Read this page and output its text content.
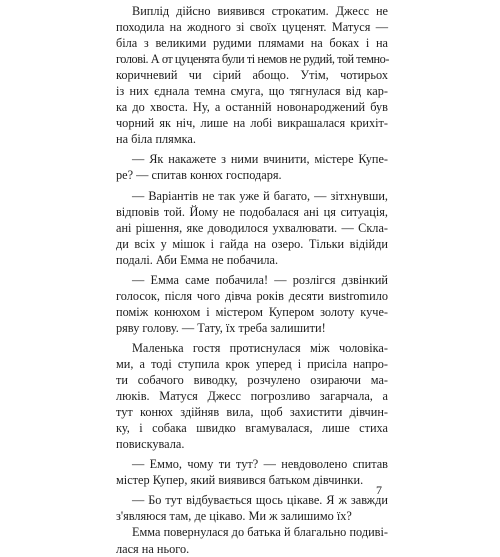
Виплід дійсно виявився строкатим. Джесс не
походила на жодного зі своїх цуценят. Матуся —
біла з великими рудими плямами на боках і на
голові. А от цуценята були ті немов не рудий, той темно-
коричневий чи сірий абощо. Утім, чотирьох
із них єднала темна смуга, що тягнулася від кар-
ка до хвоста. Ну, а останній новонароджений був
чорний як ніч, лише на лобі викрашалася крихіт-
на біла плямка.
— Як накажете з ними вчинити, містере Купе-
ре? — спитав конюх господаря.
— Варіантів не так уже й багато, — зітхнувши,
відповів той. Йому не подобалася ані ця ситуація,
ані рішення, яке доводилося ухвалювати. — Скла-
ди всіх у мішок і гайда на озеро. Тільки відійди
подалі. Аби Емма не побачила.
— Емма саме побачила! — розлігся дзвінкий
голосок, після чого дівча років десяти виstromило
поміж конюхом і містером Купером золоту куче-
ряву голову. — Тату, їх треба залишити!
Маленька гостя протиснулася між чоловіка-
ми, а тоді ступила крок уперед і присіла напро-
ти собачого виводку, розчулено озираючи ма-
люків. Матуся Джесс погрозливо загарчала, а
тут конюх здійняв вила, щоб захистити дівчин-
ку, і собака швидко вгамувалася, лише стиха
повискувала.
— Еммо, чому ти тут? — невдоволено спитав
містер Купер, який виявився батьком дівчинки.
— Бо тут відбувається щось цікаве. Я ж завжди
з'являюся там, де цікаво. Ми ж залишимо їх?
Емма повернулася до батька й благально подиві-
лася на нього.
7
